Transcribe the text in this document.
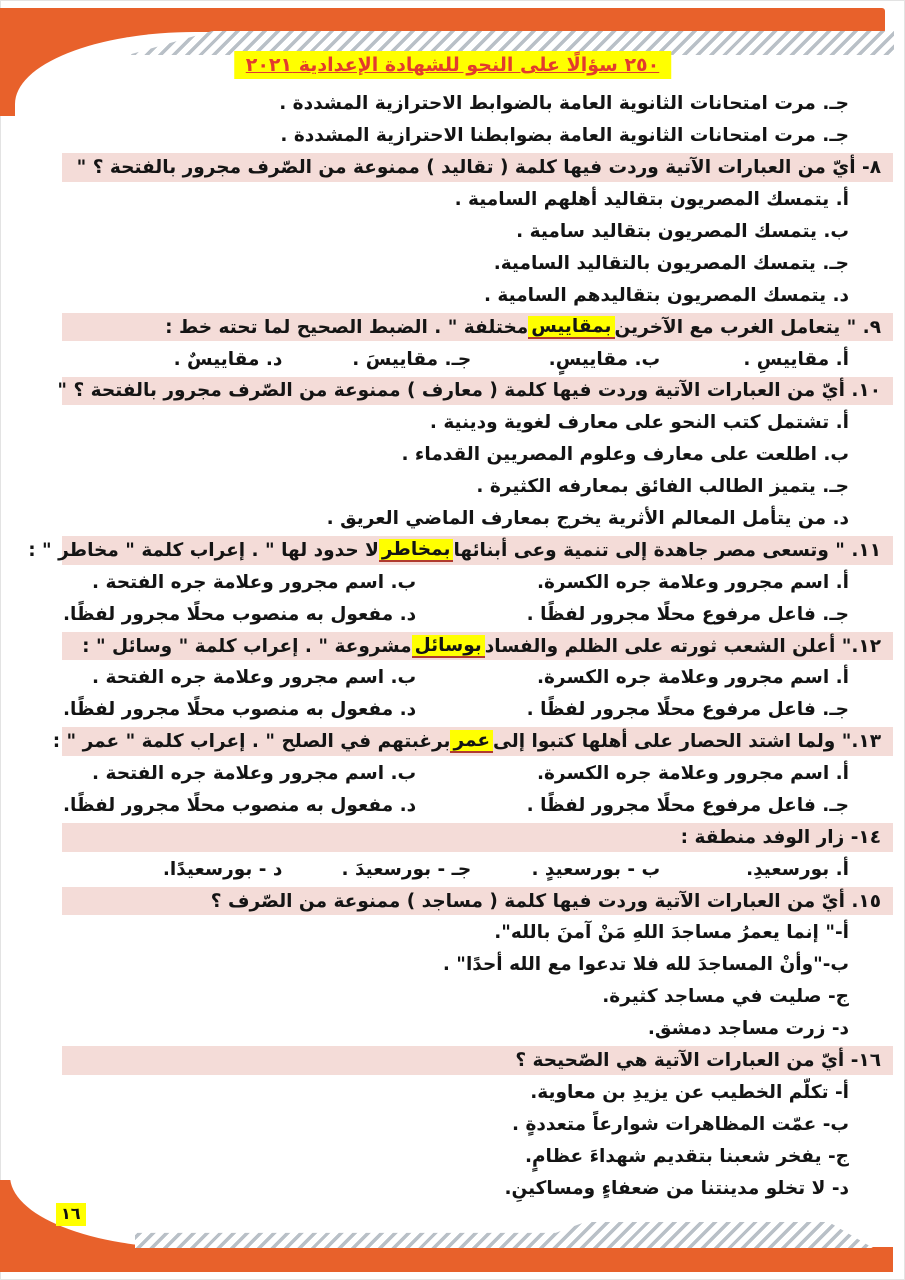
٢٥٠ سؤالًا على النحو للشهادة الإعدادية ٢٠٢١
جـ. مرت امتحانات الثانوية العامة بالضوابط الاحترازية المشددة .
جـ. مرت امتحانات الثانوية العامة بضوابطنا الاحترازية المشددة .
٨- أيّ من العبارات الآتية وردت فيها كلمة ( تقاليد ) ممنوعة من الصّرف مجرور بالفتحة ؟ "
أ. يتمسك المصريون بتقاليد أهلهم السامية .
ب. يتمسك المصريون بتقاليد سامية .
جـ. يتمسك المصريون بالتقاليد السامية.
د. يتمسك المصريون بتقاليدهم السامية .
٩. " يتعامل الغرب مع الآخرين
بمقاييس
مختلفة " . الضبط الصحيح لما تحته خط :
أ. مقاييسِ .
ب. مقاييسٍ.
جـ. مقاييسَ .
د. مقاييسٌ .
١٠. أيّ من العبارات الآتية وردت فيها كلمة ( معارف ) ممنوعة من الصّرف مجرور بالفتحة ؟ "
أ. تشتمل كتب النحو على معارف لغوية ودينية .
ب. اطلعت على معارف وعلوم المصريين القدماء .
جـ. يتميز الطالب الفائق بمعارفه الكثيرة .
د. من يتأمل المعالم الأثرية يخرج بمعارف الماضي العريق .
١١. " وتسعى مصر جاهدة إلى تنمية وعى أبنائها
بمخاطر
لا حدود لها " . إعراب كلمة " مخاطر " :
أ. اسم مجرور وعلامة جره الكسرة.
ب. اسم مجرور وعلامة جره الفتحة .
جـ. فاعل مرفوع محلًا مجرور لفظًا .
د. مفعول به منصوب محلًا مجرور لفظًا.
١٢." أعلن الشعب ثورته على الظلم والفساد
بوسائل
مشروعة " . إعراب كلمة " وسائل " :
أ. اسم مجرور وعلامة جره الكسرة.
ب. اسم مجرور وعلامة جره الفتحة .
جـ. فاعل مرفوع محلًا مجرور لفظًا .
د. مفعول به منصوب محلًا مجرور لفظًا.
١٣." ولما اشتد الحصار على أهلها كتبوا إلى
عمر
برغبتهم في الصلح " . إعراب كلمة " عمر " :
أ. اسم مجرور وعلامة جره الكسرة.
ب. اسم مجرور وعلامة جره الفتحة .
جـ. فاعل مرفوع محلًا مجرور لفظًا .
د. مفعول به منصوب محلًا مجرور لفظًا.
١٤- زار الوفد منطقة :
أ. بورسعيدِ.
ب - بورسعيدٍ .
جـ - بورسعيدَ .
د - بورسعيدًا.
١٥. أيّ من العبارات الآتية وردت فيها كلمة ( مساجد ) ممنوعة من الصّرف ؟
أ-" إنما يعمرُ مساجدَ اللهِ مَنْ آمنَ بالله".
ب-"وأنْ المساجدَ لله فلا تدعوا مع الله أحدًا" .
ج- صليت في مساجد كثيرة.
د- زرت مساجد دمشق.
١٦- أيّ من العبارات الآتية هي الصّحيحة ؟
أ- تكلّم الخطيب عن يزيدِ بن معاوية.
ب- عمّت المظاهرات شوارعاً متعددةٍ .
ج- يفخر شعبنا بتقديم شهداءَ عظامٍ.
د- لا تخلو مدينتنا من ضعفاءٍ ومساكينِ.
١٦
